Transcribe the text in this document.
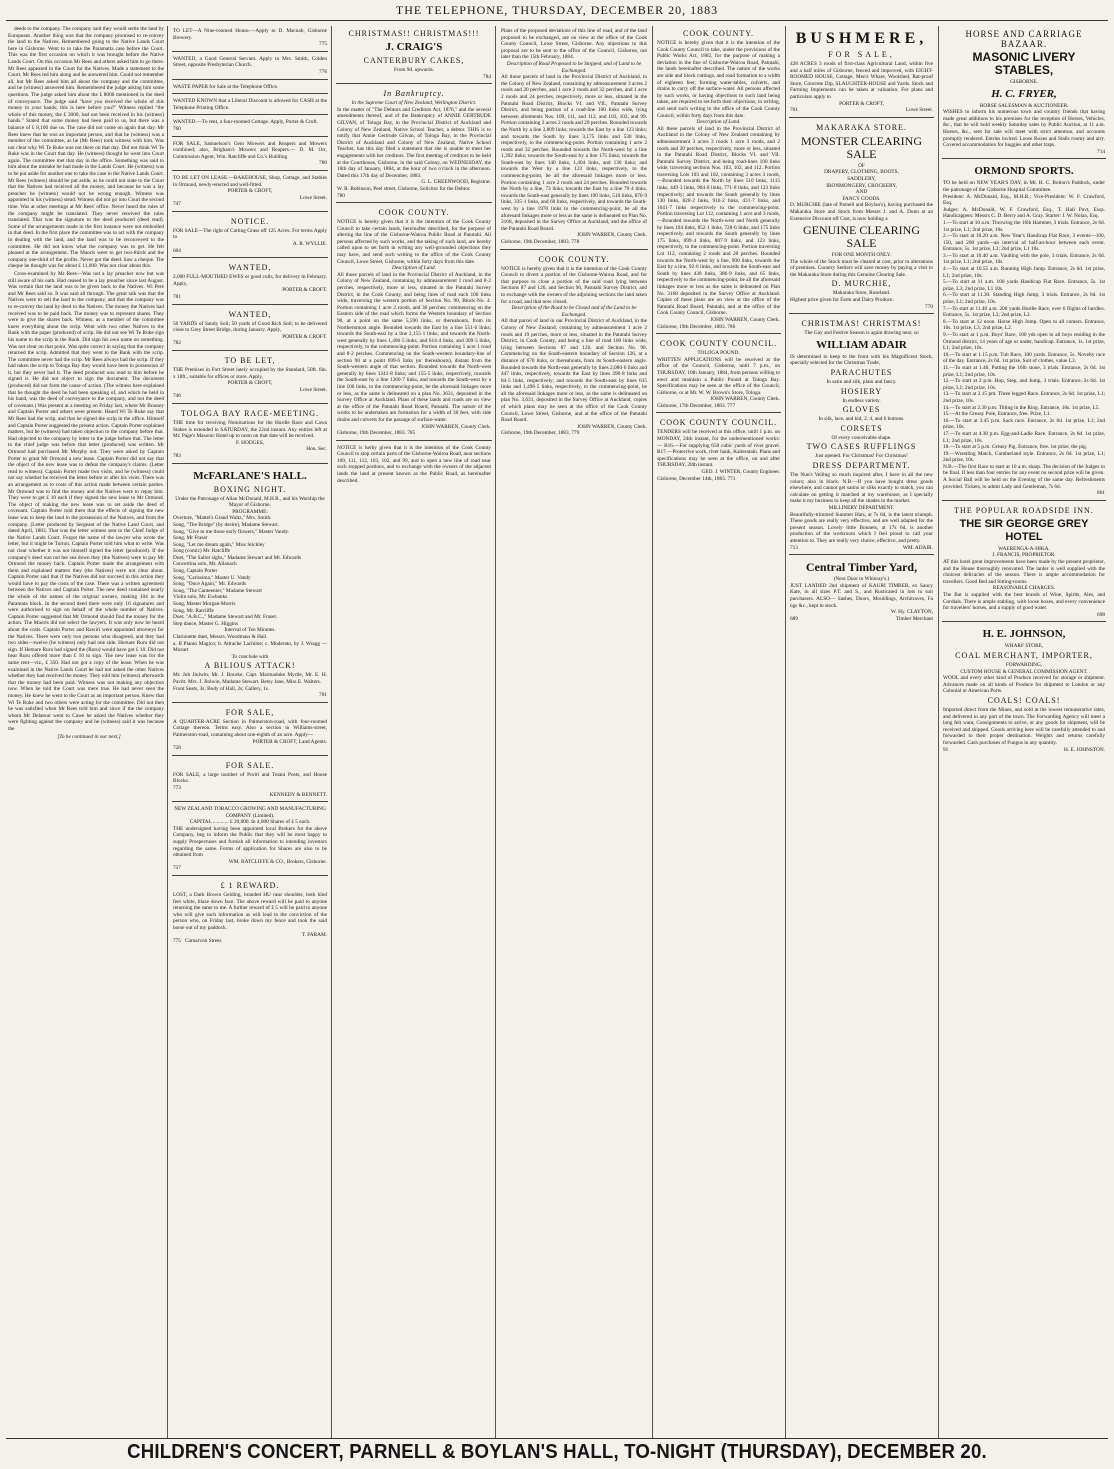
THE TELEPHONE, THURSDAY, DECEMBER 20, 1883

deeds to the company. The company said they would settle the land by Europeans. Another thing was that the company promised to re-convey the land to the Natives. Remembered going to the Native Lands Court here in Gisborne. Went to to take the Paramatta case before the Court. This was the first occasion on which it was brought before the Native Lands Court. On this occasion Mr Rees and others asked him to go there. Mr Rees appeared in the Court for the Natives. Made a statement to the Court. Mr Rees led him along and he answered him. Could not remember all, but Mr Rees asked him all about the company and the committee, and he (witness) answered him. Remembered the judge asking him some questions. The judge asked him about the £ 8000 mentioned in the deed of conveyance. The judge said "have you received the whole of this money in your hands; this is here before you?" Witness replied "the whole of this money, the £ 3000, had not been received in his (witness) hands." Stated that some money had been paid to us, but there was a balance of £ 8,100 due us. The case did not come on again that day. Mr Rees knew that he was an important person, and that he (witness) was a member of the committee, as he (Mr Rees) took witness with him. Was not clear why Wi Te Ruke was not there on that day. Did not think Wi Te Ruke was in the Court that day. He (witness) thought he went into Court again. The committee met that day in the office. Something was said to him about the mistake he had made in the Lands Court. He (witness) was to be put aside for another one to take the case in the Native Lands Court. Mr Rees (witness) should be put aside, as he could not state to the Court that the Natives had received all the money, and because he was a lay preacher he (witness) would not be wrong enough. Witness was appointed in his (witness) stead. Witness did not go into Court the second time. Was at other meetings at Mr Rees' office. Never heard the rules of the company might be translated. They never received the rules translated. That was the signature to the deed produced (deed read). Some of the arrangements made in the first instance were not embodied in that deed. In the first place the committee was to act with the company in dealing with the land, and the land was to be reconveyed to the committee. He did not know what the company was to get. He felt pleased at the arrangement. The Maoris were to get two-thirds and the company one-third of the profits. Never got the deed. Saw a cheque. The cheque he thought was for about £ 11,000. Was not clear about this.

Cross-examined by Mr Rees—Was not a lay preacher now but was still aware of his oath. Had ceased to be a lay preacher since last August. Was certain that the land was to be given back to the Natives. Wi Pere and Mr Rees said so. It was said all through. The great talk was that the Natives were to sell the land to the company, and that the company was to re-convey the land by deed to the Natives. The money the Natives had received was to be paid back. The money was to represent shares. They were to give the shares back. Witness, as a member of the committee knew everything about the scrip. Went with two other Natives to the Bank with the paper (produced) of scrip. He did not see Wi Te Ruke sign his name to the scrip in the Bank. Did sign his own name on something. Was not clear on that point. Was quite correct in saying that the company returned the scrip. Admitted that they went to the Bank with the scrip. The committee never had the scrip. Mr Rees always had the scrip. If they had taken the scrip to Tologa Bay they would have been in possession of it, but they never had it. The deed produced was read to him before he signed it. He did not object to sign the document. The document (produced) did not form the cause of action. (The witness here explained that he thought the deed he had been speaking of, and which he held in his hand, was the deed of conveyance to the company, and not the deed of covenant.) Was present at a meeting on Friday last, where Mr Brassey and Captain Porter and others were present. Heard Wi Te Ruke say that Mr Rees had the scrip, and that he signed the scrip in the office. Himself and Captain Porter suggested the present action. Captain Porter explained matters, but he (witness) had taken objection to the company before that. Had objected to the company by letter to the judge before that. The letter to the chief judge was before that letter (produced) was written. Mr Ormond had purchased Mr Murphy out. They were asked by Captain Porter to grant Mr Ormond a new lease. Captain Porter did not say that the object of the new lease was to defeat the company's claims. (Letter read to witness). Captain Porter made two visits, and he (witness) could not say whether he received the letter before or after his visits. There was an arrangement as to costs of this action made between certain parties. Mr Ormond was to find the money and the Natives were to repay him. They were to get £ 10 each if they signed the new lease to Mr Ormond. The object of making the new lease was to set aside the deed of covenant. Captain Porter told them that the effects of signing the new lease was to keep the land in the possession of the Natives, and from the company. (Letter produced by Sergeant of the Native Land Court, and dated April, 1883. That was the letter witness sent to the Chief Judge of the Native Lands Court. Forgot the name of the lawyer who wrote the letter, but it might be Turton. Captain Porter told him what to write. Was not clear whether it was not himself signed the letter (produced). If the company's deed was not her sea down they (the Natives) were to pay Mr Ormond the money back. Captain Porter made the arrangement with them and explained matters they (the Natives) were not clear about. Captain Porter said that if the Natives did not succeed in this action they would have to pay the costs of the case. There was a written agreement between the Natives and Captain Porter. The new deed contained nearly the whole of the names of the original owners, making 104 in the Paramata block. In the second deed there were only 16 signatures and were authorised to sign on behalf of the whole number of Natives. Captain Porter suggested that Mr Ormond should find the money for the action. The Maoris did not select the lawyers. It was only now he heard about the costs. Captain Porter and Rawiri were appointed attorneys for the Natives. There were only two persons who disagreed, and they had two sides—twelve (he witness) only had one side. Hemare Ruru did not sign. If Hemare Ruru had signed the (Ruru) would have got £ 10. Did not hear Ruru offered more than £ 10 to sign. The new lease was for the same rent—viz., £ 350. Had not got a copy of the lease. When he was examined in the Native Lands Court he had not asked the other Natives whether they had received the money. They told him (witness) afterwards that the money had been paid. Witness was not making any objection now. When he told the Court was mere true. He had never seen the money. He knew he went to the Court as an important person. Knew that Wi Te Ruke and two others were acting for the committee. Did not then he was satisfied when Mr Rees told him and since if the the company whom Mr Delatour went to Cawe he asked the Natives whether they were fighting against the company and he (witness) said it was because the

[To be continued in our next.]

TO LET—A Nine-roomed House.—Apply to D. Macnab, Gisborne Brewery.

775

WANTED, a Good General Servant. Apply to Mrs. Smith, Colden Street, opposite Presbyterian Church.

776

WASTE PAPER for Sale at the Telephone Office.

WANTED KNOWN that a Liberal Discount is allowed for CASH at the Telephone Printing Office.

WANTED.—To rent, a four-roomed Cottage. Apply, Porter & Croft.

760

FOR SALE, Samuelson's Gem Mowers and Reapers and Mowers combined; also, Brigham's Mowers and Reapers.— D. M. Orr, Commission Agent, Wm. Ratcliffe and Co.'s Building.

780

TO BE LET ON LEASE.—BAKEHOUSE, Shop, Cottage, and Stables in Ormond, newly-erected and well-fitted.

PORTER & CROFT,

Lowe Street.

747

NOTICE.

FOR SALE—The right of Cutting Grass off 125 Acres. For terms Apply to

A. R. WYLLIE.

604

WANTED,

2,000 FULL-MOUTHED EWES or good culls, for delivery in February. Apply,

PORTER & CROFT.

781

WANTED,

50 YARDS of Sandy Soil; 50 yards of Good Rich Soil; to be delivered close to Grey Street Bridge, during January. Apply,

PORTER & CROFT.

782

TO BE LET,

THE Premises in Fort Street lately occupied by the Standard, 50ft. 6in. x 18ft., suitable for offices or store. Apply,

PORTER & CROFT,

Lowe Street.

746

TOLOGA BAY RACE-MEETING.

THE time for receiving Nominations for the Hurdle Race and Cawa Stakes is extended to SATURDAY, the 22nd instant. Any entries left at Mr. Page's Masonic Hotel up to noon on that date will be received.

F. HODGES,

Hon. Sec.

783

McFARLANE'S HALL.
BOXING NIGHT.

Under the Patronage of Allan McDonald, M.H.R., and his Worship the Mayor of Gisborne.

PROGRAMME:

Overture, "Mattei's Grand Waltz," Mrs. Smith.

Song, "The Bridge" (by desire), Madame Stewart.

Song, "Give to me those early flowers," Master Vandy.

Song, Mr Fraser

Song, "Let me dream again," Miss Stickley

Song (comic) Mr. Ratcliffe

Duet, "The Sailor sighs," Madame Stewart and Mr. Edwards

Concertina solo, Mr. Allanach

Song, Captain Porter

Song, "Carissima," Master U. Vandy

Song, "Once Again," Mr. Edwards

Song, "The Canteenier," Madame Stewart

Violin solo, Mr. Ewbanks

Song, Master Morgan-Morris

Song, Mr. Ratcliffe

Duet, "A.B.C.," Madame Stewart and Mr. Fraser.

Step dance, Master G. Higgins

Interval of Ten Minutes.

Clarionette duet, Messrs. Woodmass & Hall.

a. II Planto Magico; b. Attrache Lachime; c. Moderato, by J. Wragg — Mozart

To conclude with

A BILIOUS ATTACK!

Mr. Job Jinlwin, Mr. J. Bourke. Capt. Marmaduke Myrtle, Mr. E. H. Pavitt. Mrs. J. Jinlwin, Madame Stewart. Betsy Jane, Miss E. Walters.

Front Seats, 3s; Body of Hall, 2s; Gallery, 1s.

781

FOR SALE,

A QUARTER-ACRE Section in Palmerston-road, with four-roomed Cottage thereon. Terms easy. Also a section in Williams-street, Palmerston-road, containing about one-eighth of an acre. Apply—

PORTER & CROFT, Land Agents.

728

FOR SALE.

FOR SALE, a large number of Poriri and Totara Posts, and House Blocks.

773

KENNEDY & BENNETT.

NEW ZEALAND TOBACCO GROWING AND MANUFACTURING COMPANY (Limited).

CAPITAL ............ £ 20,000. In 4,000 Shares of £ 5 each.

THE undersigned having been appointed local Brokers for the above Company, beg to inform the Public that they will be most happy to supply Prospectuses and furnish all information to intending investors regarding the same. Forms of application for Shares are also to be obtained from

WM. RATCLIFFE & CO., Brokers, Gisborne.

737

£ 1 REWARD.

LOST, a Dark Brown Gelding, branded HU near shoulder, both hind feet white, blaze down face. The above reward will be paid to anyone returning the same to me. A further reward of £ 5 will be paid to anyone who will give such information as will lead to the conviction of the person who, on Friday last, broke down my fence and took the said horse out of my paddock.

T. FARAM.

775 Carnarvon Street.

CHRISTMAS!! CHRISTMAS!!!
J. CRAIG'S
CANTERBURY CAKES,

From 9d. upwards.

784

In Bankruptcy.

In the Supreme Court of New Zealand, Wellington District.

In the matter of "The Debtors and Creditors Act, 1876," and the several amendments thereof, and of the Bankruptcy of ANNIE GERTRUDE GILVAN, of Tologa Bay, in the Provincial District of Auckland and Colony of New Zealand, Native School Teacher, a debtor. THIS is to notify that Annie Gertrude Gilvan, of Tologa Bay, in the Provincial District of Auckland and Colony of New Zealand, Native School Teacher, has this day filed a statement that she is unable to meet her engagements with her creditors. The first meeting of creditors to be held at the Courthouse, Gisborne, in the said Colony, on WEDNESDAY, the 16th day of January, 1884, at the hour of two o'clock in the afternoon. Dated this 17th day of December, 1883.

G. L. GREENWOOD, Registrar.

W. R. Robinson, Peel street, Gisborne, Solicitor for the Debtor.

780

COOK COUNTY.

NOTICE is hereby given that it is the intention of the Cook County Council to take certain lands, hereinafter described, for the purpose of altering the line of the Gisborne-Wairoa Public Road at Patutahi. All persons affected by such works, and the taking of such land, are hereby called upon to set forth in writing any well-grounded objections they may have, and send such writing to the office of the Cook County Council, Lowe Street, Gisborne, within forty days from this date.

Description of Land.

All those parcels of land in the Provincial District of Auckland, in the Colony of New Zealand, containing by admeasurement 1 rood and 8·2 perches, respectively, more or less, situated in the Patutahi Survey District, in the Cook County, and being lines of road each 100 links wide, traversing the western portion of Section No. 90, Block No. 4. Portion containing 1 acre 2 roods, and 36 perches: commencing on the Eastern side of the road which forms the Western boundary of Section 90, at a point on the same 5,590 links, or thereabouts, from its Northernmost angle. Bounded towards the East by a line 551·6 links; towards the South-east by a line 2,155·1 links; and towards the North-west generally by lines 1,496·5 links, and 614·4 links, and 309·5 links, respectively, to the commencing-point. Portion containing 1 acre 1 rood and 8·2 perches. Commencing on the South-western boundary-line of section 90 at a point 699·6 links (or thereabouts), distant from the South-western angle of that section. Bounded towards the North-west generally by lines 1241·8 links; and 155·5 links, respectively, towards the South-east by a line 1360·7 links, and towards the South-west by a line 100 links, to the commencing-point, be the aforesaid linkages more or less, as the same is delineated on a plan No. 3631, deposited in the Survey Office at Auckland. Plans of these lands and roads are on view at the office of the Patutahi Road Board, Patutahi. The nature of the works to be undertaken are formation for a width of 30 feet, with side drains and culverts for the passage of surface-water.

JOHN WARREN, County Clerk.

Gisborne, 19th December, 1883. 785

NOTICE is herby given that it is the intention of the Cook County Council to stop certain parts of the Gisborne-Wairoa Road, near sections 109, 111, 112, 103, 102, and 99, and to open a new line of road near such stopped portions, and to exchange with the owners of the adjacent lands the land at present known as the Public Road, as hereinafter described.

Plans of the proposed deviations of this line of road, and of the land proposed to be exchanged, are on view at the office of the Cook County Council, Lowe Street, Gisborne. Any objections to this proposal are to be sent to the office of the Council, Gisborne, not later than the 15th February, 1884.

Description of Road Proposed to be Stopped, and of Land to be Exchanged.

All those parcels of land in the Provincial District of Auckland, in the Colony of New Zealand, containing by admeasurement 3 acres 2 roods and 20 perches, and 1 acre 2 roods and 32 perches, and 1 acre 2 roods and 24 perches, respectively, more or less, situated in the Patutahi Road District, Blocks VI. and VII., Patutahi Survey District, and being portion of a road-line 100 links wide, lying between allotments Nos. 109, 111, and 112, and 103, 102, and 99. Portion containing 3 acres 2 roods and 20 perches. Bounded towards the North by a line 3,809 links; towards the East by a line 123 links; and towards the South by lines 3,175 links and 530 links, respectively, to the commencing-point. Portion containing 1 acre 2 roods and 32 perches. Bounded towards the North-west by a line 1,392 links; towards the South-east by a line 175 links; towards the South-east by lines 140 links, 1,404 links, and 130 links; and towards the West by a line 123 links, respectively, to the commencing-point, be all the aforesaid linkages more or less. Portion containing 1 acre 2 roods and 24 perches. Bounded towards the North by a line, 73 links, towards the East by a line 79·4 links, towards the South-east generally by lines 190 links, 510 links, 870·9 links, 335·1 links, and 60 links, respectively, and towards the South-west by a line 1970 links to the commencing-point, be all the aforesaid linkages more or less as the same is delineated on Plan No. 3168, deposited in the Survey Office at Auckland, and the office of the Patutahi Road Board.

JOHN WARREN, County Clerk.

Gisborne, 19th December, 1883. 778

COOK COUNTY.

NOTICE is hereby given that it is the intention of the Cook County Council to divert a portion of the Gisborne-Wairoa Road, and for that purpose to close a portion of the said road lying between Sections 87 and 126, and Section 90, Patutahi Survey District, and to exchange with the owners of the adjoining sections the land taken for a road, and that now closed.

Description of the Road to be Closed and of the Land to be Exchanged.

All that parcel of land in our Provincial District of Auckland, in the Colony of New Zealand, containing by admeasurement 1 acre 2 roods and 19 perches, more or less, situated in the Patutahi Survey District, in Cook County, and being a line of road 100 links wide, lying between Sections 87 and 126, and Section No. 90. Commencing on the South-eastern boundary of Section 126, at a distance of 670 links, or thereabouts, from its South-eastern angle. Bounded towards the North-east generally by lines 2,080·6 links and 447 links, respectively, towards the East by lines 390·8 links and 84·5 links, respectively; and towards the South-east by lines 615 links and 1,496·5 links, respectively, to the commencing-point, be all the aforesaid linkages more or less, as the same is delineated on plan No. 3,631, deposited in the Survey Office at Auckland, copies of which plans may be seen at the office of the Cook County Council, Lowe Street, Gisborne, and at the office of the Patutahi Road Board.

JOHN WARREN, County Clerk.

Gisborne, 19th December, 1883. 779

COOK COUNTY.

NOTICE is hereby given that it is the intention of the Cook County Council to take, under the provisions of the Public Works Act, 1882, for the purpose of making a deviation in the line of Gisborne-Wairoa Road, Patutahi, the lands hereinafter described. The nature of the works are side and block cuttings, and road formation to a width of eighteen feet; forming water-tables, culverts, and drains to carry off the surface-water. All persons affected by such works, or having objections to such land being taken, are required to set forth their objections, in writing, and send such writing to the office of the Cook County Council, within forty days from this date.

Description of Land.

All these parcels of land in the Provincial District of Auckland in the Colony of New Zealand containing by admeasurement 3 acres 3 roods 1 acre 3 roods, and 2 roods and 20 perches, respectively, more or less, situated in the Patutahi Road District, Blocks VI. and VII. Patutahi Survey District, and being road-lines 100 links wide, traversing sections Nos. 103, 102, and 112. Portion traversing Lots 103 and 102, containing 3 acres 3 roods,—Bounded towards the North by lines 510 links, 1115 links, 449·3 links, 904·8 links, 771·8 links, and 123 links respectively; and towards the South generally by lines 130 links, 828·2 links, 916·2 links, 431·7 links, and 1641·7 links respectively to the commencing-point. Portion traversing Lot 112, containing 1 acre and 3 roods,—Bounded towards the North-west and North generally by lines 104 links, 852·1 links, 728·6 links, and 175 links respectively, and towards the South generally by lines 175 links, 699·4 links, 807·9 links, and 123 links, respectively, to the commencing-point. Portion traversing Lot 112, containing 2 roods and 20 perches. Bounded towards the North-west by a line, 900 links, towards the East by a line, 92·6 links, and towards the South-east and South by lines 438 links, 386·9 links, and 65 links, respectively to the commencing-point, be all the aforesaid linkages more or less as the same is delineated on Plan No. 3168 deposited in the Survey Office at Auckland. Copies of these plans are on view at the office of the Patutahi Road Board, Patutahi, and at the office of the Cook County Council, Gisborne.

JOHN WARREN, County Clerk.

Gisborne, 19th December, 1883. 786

COOK COUNTY COUNCIL.

TOLOGA POUND.

WRITTEN APPLICATIONS will be received at the office of the Council, Gisborne, until 7 p.m., on THURSDAY, 10th January, 1884, from persons willing to erect and maintain a Public Pound at Tologa Bay. Specifications may be seen at the office of the Council, Gisborne, or at Mr. W. W. Brown's Store, Tologa.

JOHN WARREN, County Clerk.

Gisborne, 17th December, 1883. 777

COOK COUNTY COUNCIL.

TENDERS will be received at this office, until 1 p.m. on MONDAY, 24th instant, for the undermentioned works:— B16.—For supplying 650 cubic yards of river gravel. B17.—Protective work, river bank, Kaiteratahi. Plans and specifications may be seen at the office, on and after THURSDAY, 20th instant.

GEO. J. WINTER, County Engineer.

Gisborne, December 14th, 1883. 771

BUSHMERE,
FOR SALE,

428 ACRES 3 roods of first-class Agricultural Land, within five and a half miles of Gisborne, fenced and improved, with EIGHT-ROOMED HOUSE, Cottage, Men's Whare, Woolshed, Rat-proof Store, Concrete Dip, SLAUGHTER-HOUSE and Yards. Stock and Farming Implements can be taken at valuation. For plans and particulars apply to

PORTER & CROFT,

761	Lowe Street.

MAKARAKA STORE.
MONSTER CLEARING SALE

OF

DRAPERY, CLOTHING, BOOTS,

SADDLERY,

IRONMONGERY, CROCKERY,

AND

FANCY GOODS.

D. MURCHIE (late of Parnell and Boylan's), having purchased the Makaraka Store and Stock from Messrs J. and A. Dunn at an Extensive Discount off Cost, is now holding a

GENUINE CLEARING SALE

FOR ONE MONTH ONLY.

The whole of the Stock must be cleared at cost, prior to alterations of premises. Country Settlers will save money by paying a visit to the Makaraka Store during this Genuine Clearing Sale.

D. MURCHIE,

Makaraka Store, Roseland.

Highest price given for Farm and Dairy Produce.

770

CHRISTMAS! CHRISTMAS!

The Gay and Festive Season is again drawing near, so

WILLIAM ADAIR

IS determined to keep to the front with his Magnificent Stock, specially selected for the Christmas Trade,

PARACHUTES

In satin and silk, plain and fancy.

HOSIERY

In endless variety.

GLOVES

In silk, lace, and kid, 2, 4, and 6 buttons.

CORSETS

Of every conceivable shape.

TWO CASES RUFFLINGS

Just opened. For Christmas! For Christmas!

DRESS DEPARTMENT.

The Nun's Veiling so much inquired after, I have in all the new colors; also in black. N.B.—If you have bought dress goods elsewhere, and cannot get satins or silks exactly to match, you can calculate on getting it matched at my warehouse, as I specially make it my business to keep all the shades in the market.

MILLINERY DEPARTMENT.

Beautifully-trimmed Summer Hats, at 7s 6d, is the latest triumph. These goods are really very effective, and are well adapted for the present season. Lovely little Bonnets, at 17s 6d, is another production of the workroom which I feel proud to call your attention to. They are really very choice, effective, and pretty.

713	WM. ADAIR.

Central Timber Yard,

(Next Door to Whinray's.)

JUST LANDED 2nd shipment of KAURI TIMBER, ex Saucy Kate, in all sizes P.T. and S., and Rusticated in lots to suit purchasers. ALSO— Sashes, Doors, Mouldings, Architraves, Fa ngs &c., kept in stock.

W. Hy. CLAYTON,

689	Timber Merchant

HORSE AND CARRIAGE BAZAAR.
MASONIC LIVERY STABLES,

GISBORNE.

H. C. FRYER,

HORSE SALESMAN & AUCTIONEER.

WISHES to inform his numerous town and country friends that having made great additions to his premises for the reception of Horses, Vehicles, &c., that he will hold weekly Saturday sales by Public Auction, at 11 a.m. Horses, &c., sent for sale will meet with strict attention, and accounts promptly rendered. Entries invited. Loose Boxes and Stalls roomy and airy. Covered accommodation for buggies and other traps.

714

ORMOND SPORTS.

TO be held on NEW YEAR'S DAY, in Mr. H. C. Bolton's Paddock, under the patronage of the Gisborne Hospital Committee.

President: A. McDonald, Esq., M.H.R.; Vice-President: W. F. Crawford, Esq.

Judges: A. McDonald, W. F. Crawford, Esq., T. Hall Pavt, Esqs. Handicappers: Messrs C. D. Berry and A. Gray. Starter: J. W. Nolan, Esq.

1.—To start at 10 a.m. Throwing the 16lb Hammer, 3 trials. Entrance, 2s 6d. 1st prize, L1; 2nd prize, 10s.

2.—To start at 10.20 a.m. New Year's Handicap Flat Race, 3 events—100, 150, and 200 yards—an interval of half-an-hour between each event. Entrance, 5s. 1st prize, L3; 2nd prize, L1 10s.

3.—To start at 10.40 a.m. Vaulting with the pole, 3 trials. Entrance, 2s 6d. 1st prize, L1; 2nd prize, 10s.

4.—To start at 10.55 a.m. Running High Jump. Entrance, 2s 6d. 1st prize, L1; 2nd prize, 10s.

5.—To start at 11 a.m. 100 yards Handicap Flat Race. Entrance, 5s. 1st prize, L3; 2nd prize, L1 10s.

6.—To start at 11.30. Standing High Jump, 3 trials. Entrance, 2s 6d. 1st prize, L1; 2nd prize, 10s.

7.—To start at 11.40 a.m. 200 yards Hurdle Race, over 6 flights of hurdles. Entrance, 5s. 1st prize, L3; 2nd prize, L2.

8.—To start at 12 noon. Horse High Jump. Open to all comers. Entrance, 10s. 1st prize, L3; 2nd prize, L2.

9.—To start at 1 p.m. Boys' Race, 100 yds open to all boys residing in the Ormond district, 14 years of age or under, handicap. Entrance, 1s. 1st prize, L1; 2nd prize, 10s.

10.—To start at 1.15 p.m. Tub Race, 100 yards. Entrance, 5s. Novelty race of the day. Entrance, 2s 6d. 1st prize, Suit of clothes, value L3.

11.—To start at 1.40. Putting the 16lb stone, 3 trials. Entrance, 2s 6d. 1st prize, L1; 2nd prize, 10s.

12.—To start at 2 p.m. Hop, Step, and Jump, 3 trials. Entrance, 2s 6d. 1st prize, L1; 2nd prize, 10s.

13.—To start at 2.15 pm. Three legged Race. Entrance, 2s 6d. 1st prize, L1; 2nd prize, 10s.

14.—To start at 2.30 p.m. Tilting in the Ring. Entrance, 10s. 1st prize, L5.

15.—At the Greasy Pole, Entrance, free. Prize, L1.

16.—To start at 3.45 p.m. Sack race. Entrance, 2s 6d. 1st prize, L1; 2nd prize, 10s.

17.—To start at 4.30 p.m. Egg-and-Ladle Race. Entrance, 2s 6d. 1st prize, L1; 2nd prize, 10s.

18.—To start at 5 p.m. Greasy Pig. Entrance, free. 1st prize, the pig.

19.—Wrestling Match, Cumberland style. Entrance, 2s 6d. 1st prize, L1; 2nd prize, 10s.

N.B.—The first Race to start at 10 a.m. sharp. The decision of the Judges to be final. If less than four entries for any event no second prize will be given.

A Social Ball will be held on the Evening of the same day. Refreshments provided. Tickets, to admit Lady and Gentleman, 7s 6d.

801

THE POPULAR ROADSIDE INN.
THE SIR GEORGE GREY HOTEL

WAERENGA-A-HIKA.

J. FRANCIS, PROPRIETOR.

AT this hotel great improvements have been made by the present proprietor, and the House thoroughly renovated. The larder is well supplied with the choicest delicacies of the season. There is ample accommodation for travellers. Good Bed and Sitting-rooms.

REASONABLE CHARGES.

The Bar is supplied with the best brands of Wine, Spirits, Ales, and Cordials. There is ample stabling, with loose boxes, and every convenience for travellers' horses, and a supply of good water.

698

H. E. JOHNSON,

WHARF STORE,

COAL MERCHANT, IMPORTER,

FORWARDING,

CUSTOM HOUSE & GENERAL COMMISSION AGENT.

WOOL and every other kind of Produce received for storage or shipment. Advances made on all kinds of Produce for shipment to London or any Colonial or American Ports.

COALS! COALS!

Imported direct from the Mines, and sold at the lowest remunerative rates, and delivered in any part of the town. The Forwarding Agency will meet a long felt want, Consignments to arrive, or any goods for shipment, will be received and shipped. Goods arriving here will be carefully attended to and forwarded to their proper destination. Weights and returns carefully forwarded. Cash purchases of Fungus in any quantity.

91	H. E. JOHNSTON.

CHILDREN'S CONCERT, PARNELL & BOYLAN'S HALL, TO-NIGHT (THURSDAY), DECEMBER 20.
